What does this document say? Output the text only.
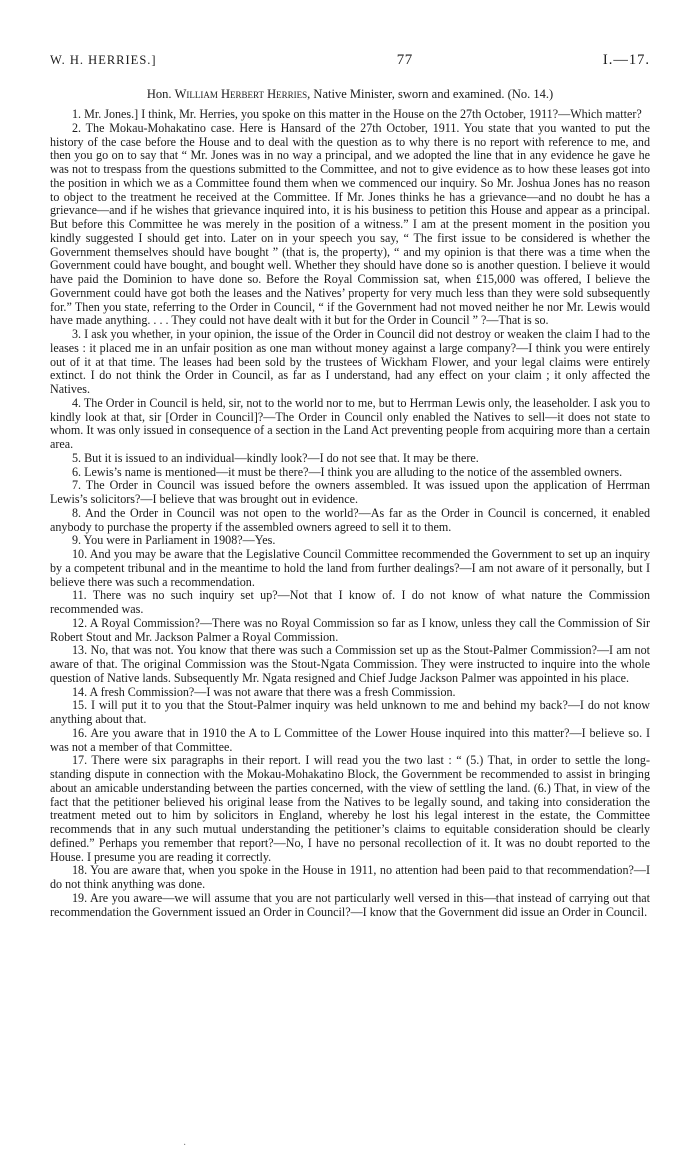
W. H. HERRIES.]	77	I.—17.
Hon. William Herbert Herries, Native Minister, sworn and examined. (No. 14.)

1. Mr. Jones.] I think, Mr. Herries, you spoke on this matter in the House on the 27th October, 1911?—Which matter?

2. The Mokau-Mohakatino case. Here is Hansard of the 27th October, 1911. You state that you wanted to put the history of the case before the House and to deal with the question as to why there is no report with reference to me, and then you go on to say that “ Mr. Jones was in no way a principal, and we adopted the line that in any evidence he gave he was not to trespass from the questions submitted to the Committee, and not to give evidence as to how these leases got into the position in which we as a Committee found them when we commenced our inquiry. So Mr. Joshua Jones has no reason to object to the treatment he received at the Committee. If Mr. Jones thinks he has a grievance—and no doubt he has a grievance—and if he wishes that grievance inquired into, it is his business to petition this House and appear as a principal. But before this Committee he was merely in the position of a witness.” I am at the present moment in the position you kindly suggested I should get into. Later on in your speech you say, “ The first issue to be considered is whether the Government themselves should have bought ” (that is, the property), “ and my opinion is that there was a time when the Government could have bought, and bought well. Whether they should have done so is another question. I believe it would have paid the Dominion to have done so. Before the Royal Commission sat, when £15,000 was offered, I believe the Government could have got both the leases and the Natives’ property for very much less than they were sold subsequently for.” Then you state, referring to the Order in Council, “ if the Government had not moved neither he nor Mr. Lewis would have made anything. . . . They could not have dealt with it but for the Order in Council ” ?—That is so.

3. I ask you whether, in your opinion, the issue of the Order in Council did not destroy or weaken the claim I had to the leases : it placed me in an unfair position as one man without money against a large company?—I think you were entirely out of it at that time. The leases had been sold by the trustees of Wickham Flower, and your legal claims were entirely extinct. I do not think the Order in Council, as far as I understand, had any effect on your claim ; it only affected the Natives.

4. The Order in Council is held, sir, not to the world nor to me, but to Herrman Lewis only, the leaseholder. I ask you to kindly look at that, sir [Order in Council]?—The Order in Council only enabled the Natives to sell—it does not state to whom. It was only issued in consequence of a section in the Land Act preventing people from acquiring more than a certain area.

5. But it is issued to an individual—kindly look?—I do not see that. It may be there.

6. Lewis’s name is mentioned—it must be there?—I think you are alluding to the notice of the assembled owners.

7. The Order in Council was issued before the owners assembled. It was issued upon the application of Herrman Lewis’s solicitors?—I believe that was brought out in evidence.

8. And the Order in Council was not open to the world?—As far as the Order in Council is concerned, it enabled anybody to purchase the property if the assembled owners agreed to sell it to them.

9. You were in Parliament in 1908?—Yes.

10. And you may be aware that the Legislative Council Committee recommended the Government to set up an inquiry by a competent tribunal and in the meantime to hold the land from further dealings?—I am not aware of it personally, but I believe there was such a recommendation.

11. There was no such inquiry set up?—Not that I know of. I do not know of what nature the Commission recommended was.

12. A Royal Commission?—There was no Royal Commission so far as I know, unless they call the Commission of Sir Robert Stout and Mr. Jackson Palmer a Royal Commission.

13. No, that was not. You know that there was such a Commission set up as the Stout-Palmer Commission?—I am not aware of that. The original Commission was the Stout-Ngata Commission. They were instructed to inquire into the whole question of Native lands. Subsequently Mr. Ngata resigned and Chief Judge Jackson Palmer was appointed in his place.

14. A fresh Commission?—I was not aware that there was a fresh Commission.

15. I will put it to you that the Stout-Palmer inquiry was held unknown to me and behind my back?—I do not know anything about that.

16. Are you aware that in 1910 the A to L Committee of the Lower House inquired into this matter?—I believe so. I was not a member of that Committee.

17. There were six paragraphs in their report. I will read you the two last : “ (5.) That, in order to settle the long-standing dispute in connection with the Mokau-Mohakatino Block, the Government be recommended to assist in bringing about an amicable understanding between the parties concerned, with the view of settling the land. (6.) That, in view of the fact that the petitioner believed his original lease from the Natives to be legally sound, and taking into consideration the treatment meted out to him by solicitors in England, whereby he lost his legal interest in the estate, the Committee recommends that in any such mutual understanding the petitioner’s claims to equitable consideration should be clearly defined.” Perhaps you remember that report?—No, I have no personal recollection of it. It was no doubt reported to the House. I presume you are reading it correctly.

18. You are aware that, when you spoke in the House in 1911, no attention had been paid to that recommendation?—I do not think anything was done.

19. Are you aware—we will assume that you are not particularly well versed in this—that instead of carrying out that recommendation the Government issued an Order in Council?—I know that the Government did issue an Order in Council.

·
